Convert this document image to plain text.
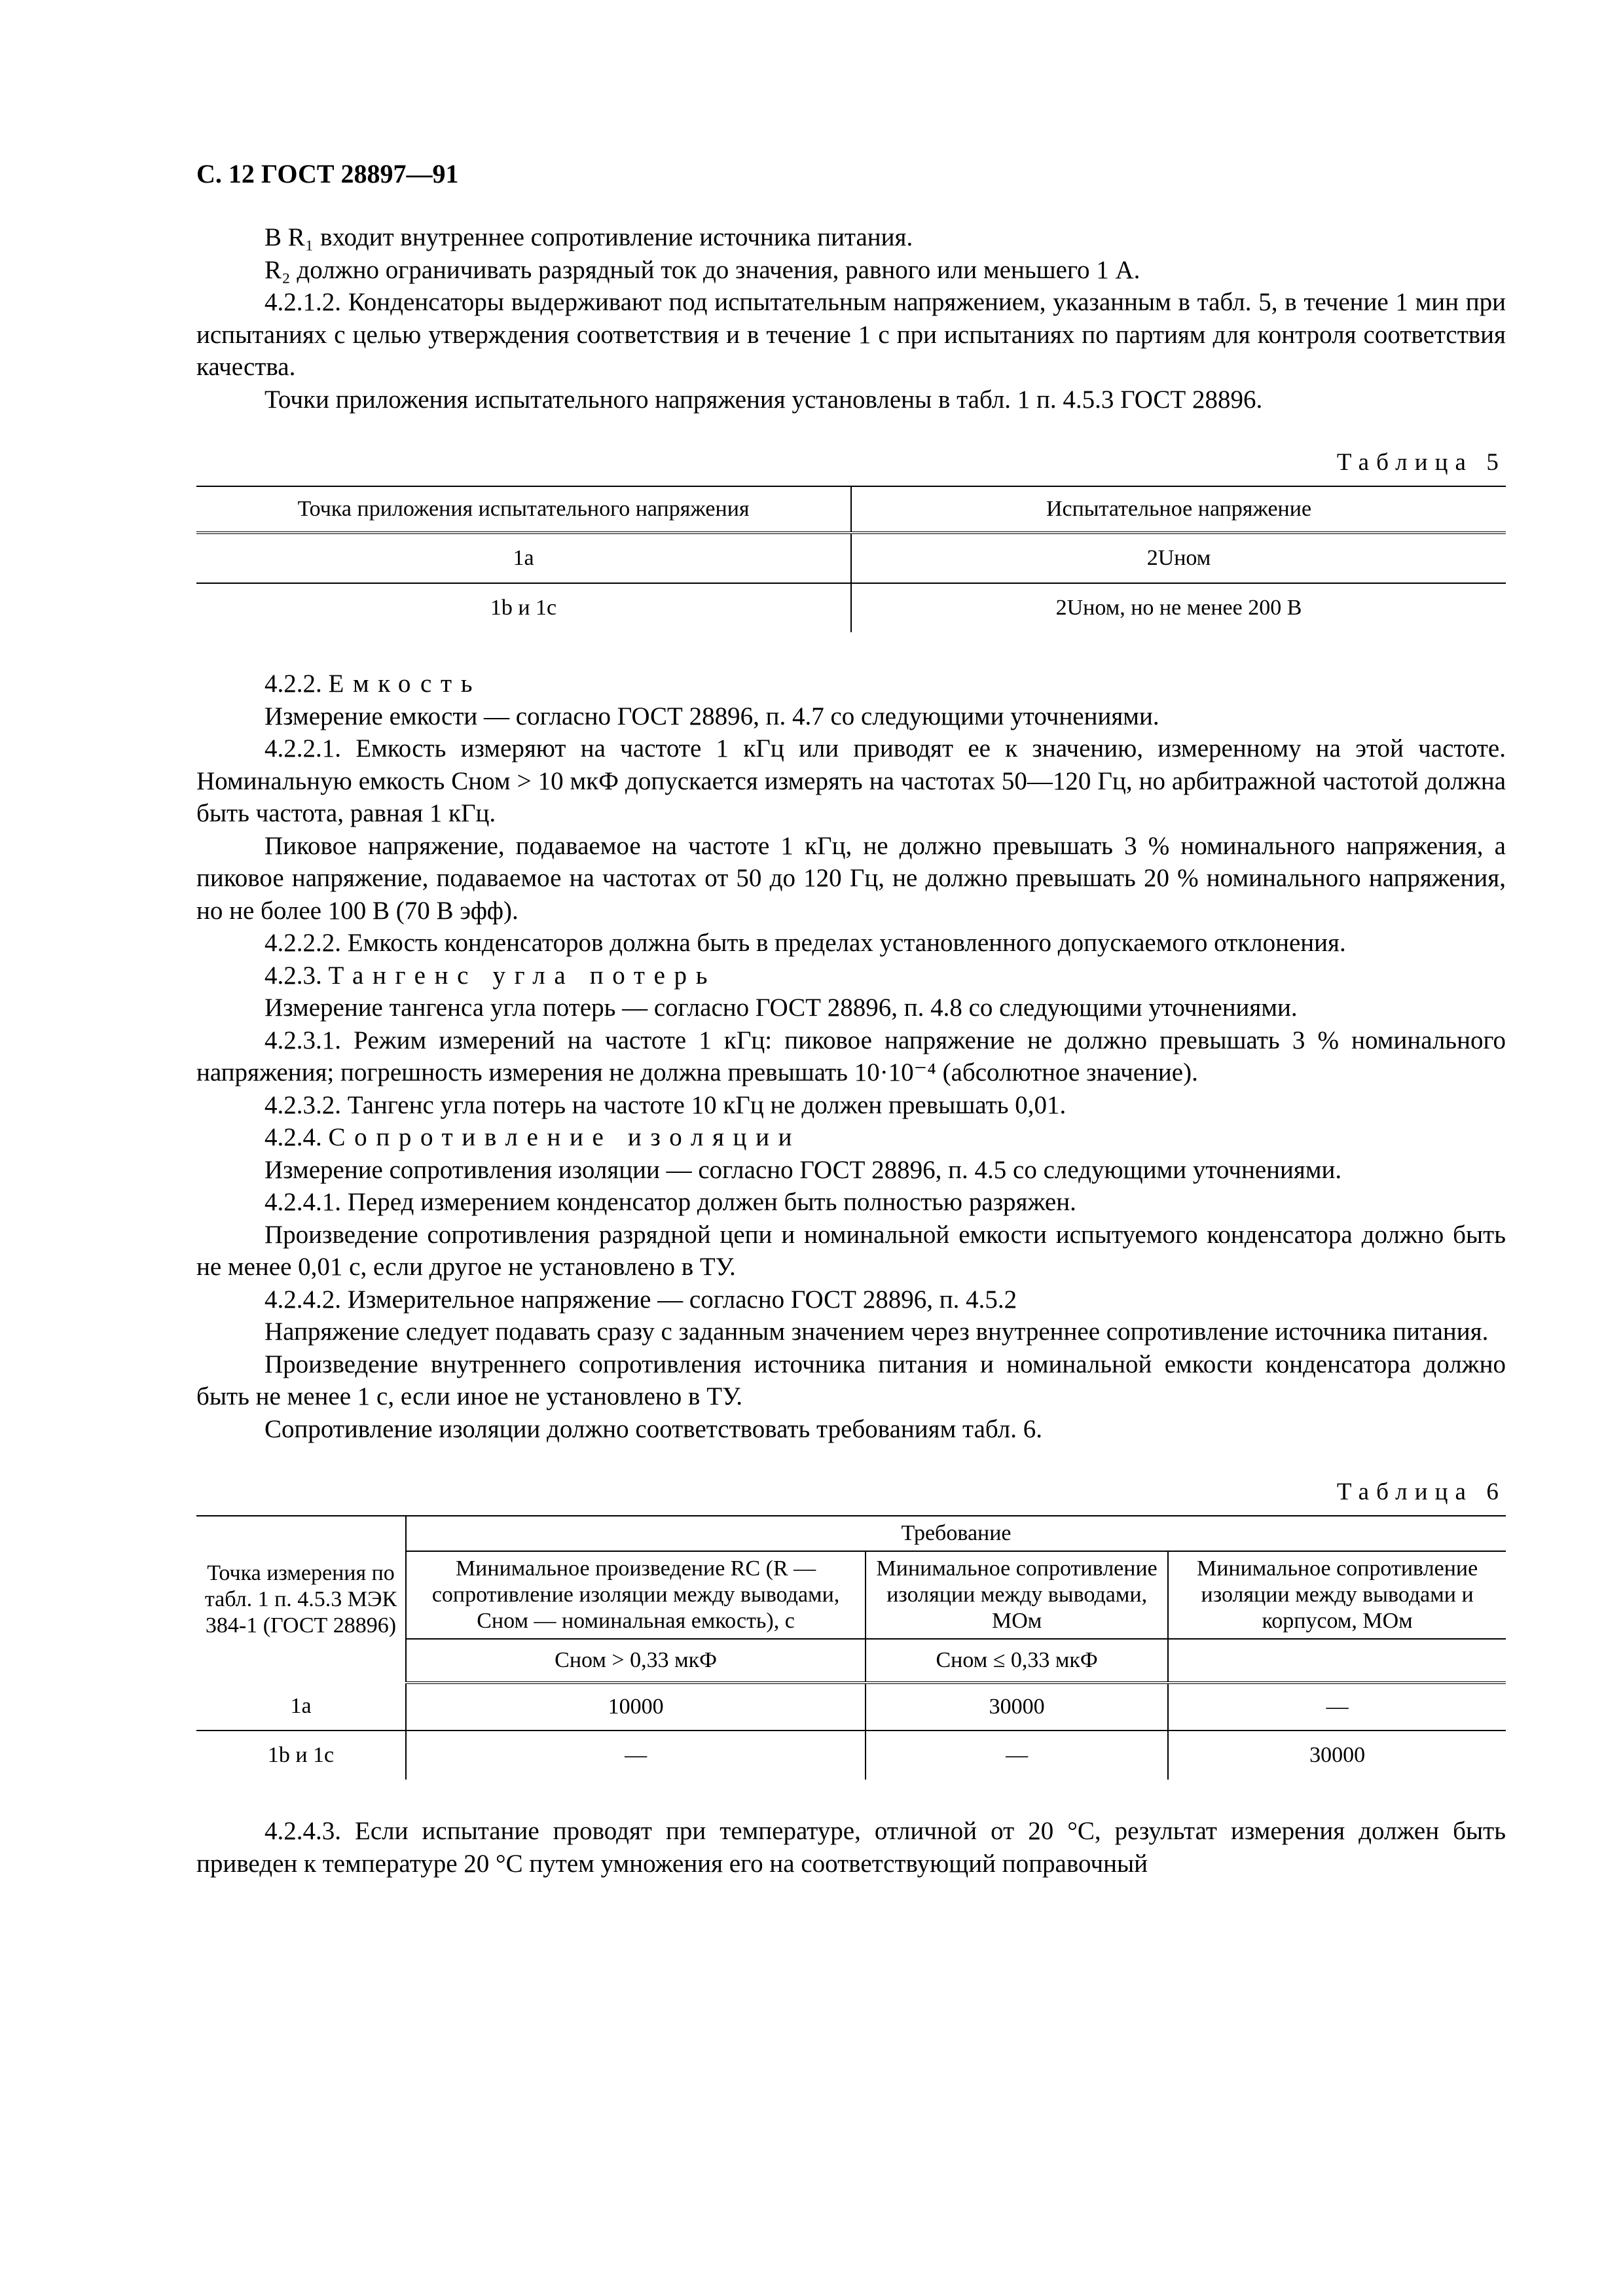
С. 12 ГОСТ 28897—91

В R₁ входит внутреннее сопротивление источника питания.

R₂ должно ограничивать разрядный ток до значения, равного или меньшего 1 А.

4.2.1.2. Конденсаторы выдерживают под испытательным напряжением, указанным в табл. 5, в течение 1 мин при испытаниях с целью утверждения соответствия и в течение 1 с при испытаниях по партиям для контроля соответствия качества.

Точки приложения испытательного напряжения установлены в табл. 1 п. 4.5.3 ГОСТ 28896.

Таблица 5
Точка приложения испытательного напряжения	Испытательное напряжение
1a	2Uном
1b и 1c	2Uном, но не менее 200 В

4.2.2. Емкость

Измерение емкости — согласно ГОСТ 28896, п. 4.7 со следующими уточнениями.

4.2.2.1. Емкость измеряют на частоте 1 кГц или приводят ее к значению, измеренному на этой частоте. Номинальную емкость Cном > 10 мкФ допускается измерять на частотах 50—120 Гц, но арбитражной частотой должна быть частота, равная 1 кГц.

Пиковое напряжение, подаваемое на частоте 1 кГц, не должно превышать 3 % номинального напряжения, а пиковое напряжение, подаваемое на частотах от 50 до 120 Гц, не должно превышать 20 % номинального напряжения, но не более 100 В (70 В эфф).

4.2.2.2. Емкость конденсаторов должна быть в пределах установленного допускаемого отклонения.

4.2.3. Тангенс угла потерь

Измерение тангенса угла потерь — согласно ГОСТ 28896, п. 4.8 со следующими уточнениями.

4.2.3.1. Режим измерений на частоте 1 кГц: пиковое напряжение не должно превышать 3 % номинального напряжения; погрешность измерения не должна превышать 10·10⁻⁴ (абсолютное значение).

4.2.3.2. Тангенс угла потерь на частоте 10 кГц не должен превышать 0,01.

4.2.4. Сопротивление изоляции

Измерение сопротивления изоляции — согласно ГОСТ 28896, п. 4.5 со следующими уточнениями.

4.2.4.1. Перед измерением конденсатор должен быть полностью разряжен.

Произведение сопротивления разрядной цепи и номинальной емкости испытуемого конденсатора должно быть не менее 0,01 с, если другое не установлено в ТУ.

4.2.4.2. Измерительное напряжение — согласно ГОСТ 28896, п. 4.5.2

Напряжение следует подавать сразу с заданным значением через внутреннее сопротивление источника питания.

Произведение внутреннего сопротивления источника питания и номинальной емкости конденсатора должно быть не менее 1 с, если иное не установлено в ТУ.

Сопротивление изоляции должно соответствовать требованиям табл. 6.

Таблица 6
Точка измерения по табл. 1 п. 4.5.3 МЭК 384-1 (ГОСТ 28896)	Требование		
	Минимальное произведение RC (R — сопротивление изоляции между выводами, Cном — номинальная емкость), с	Минимальное сопротивление изоляции между выводами, МОм	Минимальное сопротивление изоляции между выводами и корпусом, МОм
	Cном > 0,33 мкФ	Cном ≤ 0,33 мкФ	
1a	10000	30000	—
1b и 1c	—	—	30000

4.2.4.3. Если испытание проводят при температуре, отличной от 20 °С, результат измерения должен быть приведен к температуре 20 °С путем умножения его на соответствующий поправочный
